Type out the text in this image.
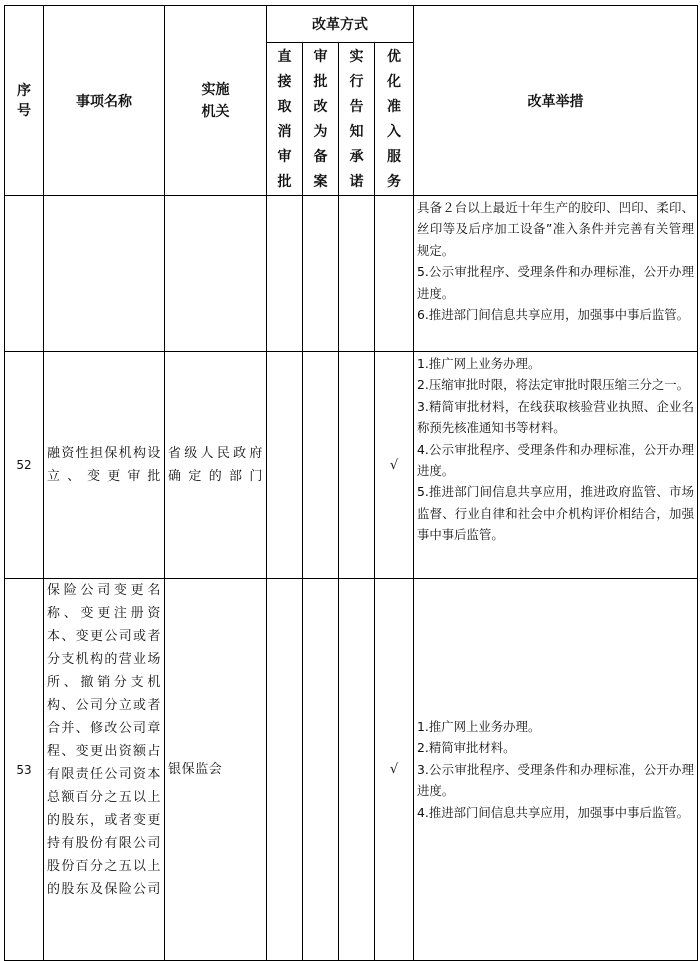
序号	事项名称	实施机关	改革方式				改革举措
			直接取消审批	审批改为备案	实行告知承诺	优化准入服务	

							具备２台以上最近十年生产的胶印、凹印、柔印、丝印等及后序加工设备”准入条件并完善有关管理规定。
5.公示审批程序、受理条件和办理标准，公开办理进度。
6.推进部门间信息共享应用，加强事中事后监管。

52	融资性担保机构设立、变更审批	省级人民政府确定的部门				√	1.推广网上业务办理。
2.压缩审批时限，将法定审批时限压缩三分之一。
3.精简审批材料，在线获取核验营业执照、企业名称预先核准通知书等材料。
4.公示审批程序、受理条件和办理标准，公开办理进度。
5.推进部门间信息共享应用，推进政府监管、市场监督、行业自律和社会中介机构评价相结合，加强事中事后监管。

53	保险公司变更名称、变更注册资本、变更公司或者分支机构的营业场所、撤销分支机构、公司分立或者合并、修改公司章程、变更出资额占有限责任公司资本总额百分之五以上的股东，或者变更持有股份有限公司股份百分之五以上的股东及保险公司	银保监会				√	1.推广网上业务办理。
2.精简审批材料。
3.公示审批程序、受理条件和办理标准，公开办理进度。
4.推进部门间信息共享应用，加强事中事后监管。
